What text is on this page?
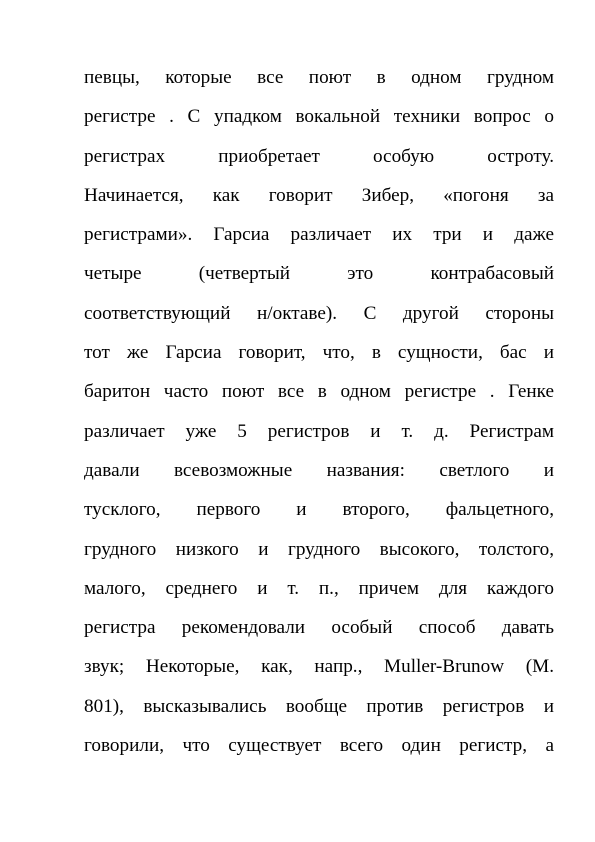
певцы, которые все поют в одном грудном
регистре . С упадком вокальной техники вопрос о
регистрах приобретает особую остроту.
Начинается, как говорит Зибер, «погоня за
регистрами». Гарсиа различает их три и даже
четыре (четвертый это контрабасовый
соответствующий н/октаве). С другой стороны
тот же Гарсиа говорит, что, в сущности, бас и
баритон часто поют все в одном регистре . Генке
различает уже 5 регистров и т. д. Регистрам
давали всевозможные названия: светлого и
тусклого, первого и второго, фальцетного,
грудного низкого и грудного высокого, толстого,
малого, среднего и т. п., причем для каждого
регистра рекомендовали особый способ давать
звук; Некоторые, как, напр., Muller-Brunow (M.
801), высказывались вообще против регистров и
говорили, что существует всего один регистр, а
